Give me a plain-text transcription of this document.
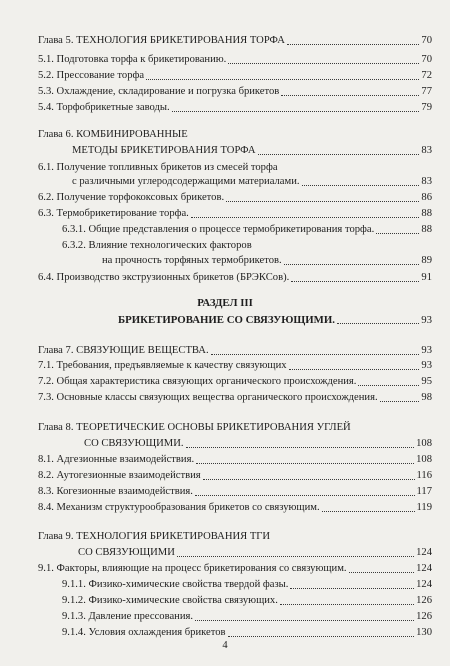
Глава 5. ТЕХНОЛОГИЯ БРИКЕТИРОВАНИЯ ТОРФА	70
5.1. Подготовка торфа к брикетированию.	70
5.2. Прессование торфа	72
5.3. Охлаждение, складирование и погрузка брикетов	77
5.4. Торфобрикетные заводы.	79
Глава 6. КОМБИНИРОВАННЫЕ
МЕТОДЫ БРИКЕТИРОВАНИЯ ТОРФА	83
6.1. Получение топливных брикетов из смесей торфа
с различными углеродсодержащими материалами.	83
6.2. Получение торфококсовых брикетов.	86
6.3. Термобрикетирование торфа.	88
6.3.1. Общие представления о процессе термобрикетирования торфа.	88
6.3.2. Влияние технологических факторов
на прочность торфяных термобрикетов.	89
6.4. Производство экструзионных брикетов (БРЭКСов).	91
РАЗДЕЛ III
БРИКЕТИРОВАНИЕ СО СВЯЗУЮЩИМИ.	93
Глава 7. СВЯЗУЮЩИЕ ВЕЩЕСТВА.	93
7.1. Требования, предъявляемые к качеству связующих	93
7.2. Общая характеристика связующих органического происхождения.	95
7.3. Основные классы связующих вещества органического происхождения.	98
Глава 8. ТЕОРЕТИЧЕСКИЕ ОСНОВЫ БРИКЕТИРОВАНИЯ УГЛЕЙ
СО СВЯЗУЮЩИМИ.	108
8.1. Адгезионные взаимодействия.	108
8.2. Аутогезионные взаимодействия	116
8.3. Когезионные взаимодействия.	117
8.4. Механизм структурообразования брикетов со связующим.	119
Глава 9. ТЕХНОЛОГИЯ БРИКЕТИРОВАНИЯ ТГИ
СО СВЯЗУЮЩИМИ	124
9.1. Факторы, влияющие на процесс брикетирования со связующим.	124
9.1.1. Физико-химические свойства твердой фазы.	124
9.1.2. Физико-химические свойства связующих.	126
9.1.3. Давление прессования.	126
9.1.4. Условия охлаждения брикетов	130
4
